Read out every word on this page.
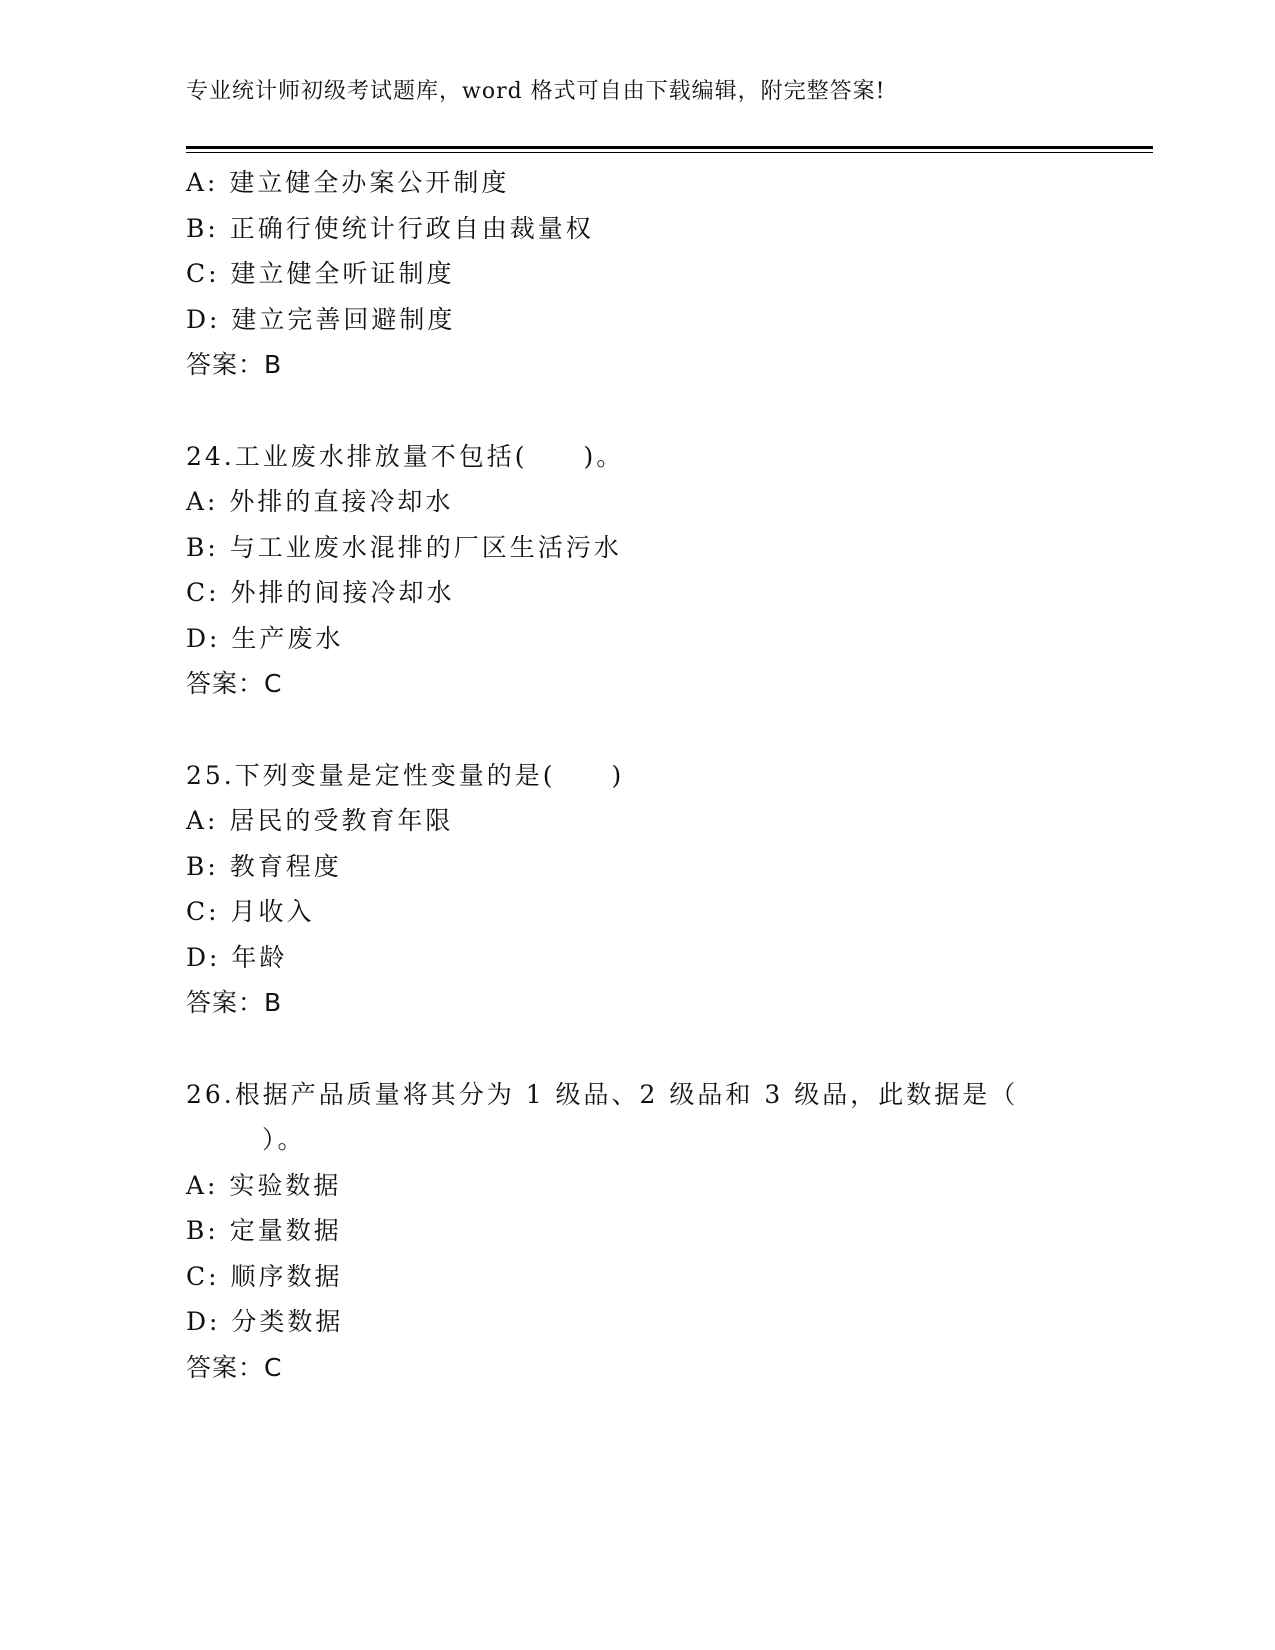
专业统计师初级考试题库，word 格式可自由下载编辑，附完整答案!
A: 建立健全办案公开制度
B: 正确行使统计行政自由裁量权
C: 建立健全听证制度
D: 建立完善回避制度
答案：B
24.工业废水排放量不包括(　　)。
A: 外排的直接冷却水
B: 与工业废水混排的厂区生活污水
C: 外排的间接冷却水
D: 生产废水
答案：C
25.下列变量是定性变量的是(　　)
A: 居民的受教育年限
B: 教育程度
C: 月收入
D: 年龄
答案：B
26.根据产品质量将其分为 1 级品、2 级品和 3 级品，此数据是（
）。
A: 实验数据
B: 定量数据
C: 顺序数据
D: 分类数据
答案：C
